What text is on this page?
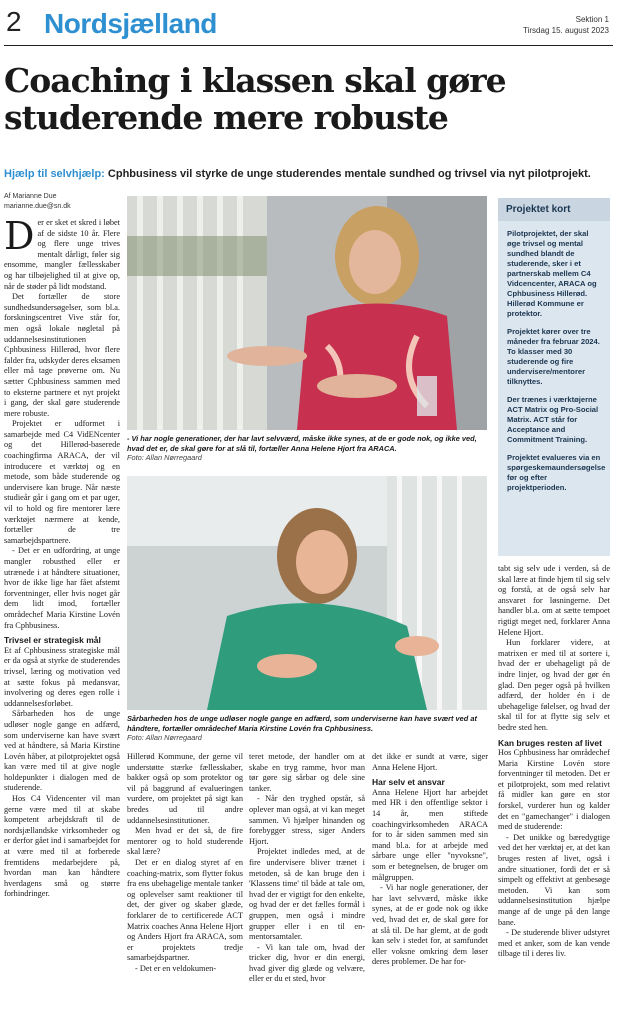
2 Nordsjælland	Sektion 1
Tirsdag 15. august 2023
Coaching i klassen skal gøre studerende mere robuste
Hjælp til selvhjælp: Cphbusiness vil styrke de unge studerendes mentale sundhed og trivsel via nyt pilotprojekt.
Af Marianne Due
marianne.due@sn.dk
D er er sket et skred i løbet af de sidste 10 år. Flere og flere unge trives mentalt dårligt, føler sig ensomme, mangler fællesskaber og har tilbøjelighed til at give op, når de støder på lidt modstand.

Det fortæller de store sundhedsundersøgelser, som bl.a. forskningscentret Vive står for, men også lokale nøgletal på uddannelsesinstitutionen Cphbusiness Hillerød, hvor flere falder fra, udskyder deres eksamen eller må tage prøverne om. Nu sætter Cphbusiness sammen med to eksterne partnere et nyt projekt i gang, der skal gøre studerende mere robuste.

Projektet er udformet i samarbejde med C4 VidENcenter og det Hillerød-baserede coachingfirma ARACA, der vil introducere et værktøj og en metode, som både studerende og undervisere kan bruge. Når næste studieår går i gang om et par uger, vil to hold og fire mentorer lære værktøjet nærmere at kende, fortæller de tre samarbejdspartnere.

- Det er en udfordring, at unge mangler robusthed eller er utrænede i at håndtere situationer, hvor de ikke lige har fået afstemt forventninger, eller hvis noget går dem lidt imod, fortæller områdechef Maria Kirstine Lovén fra Cphbusiness.

Trivsel er strategisk mål

Et af Cphbusiness strategiske mål er da også at styrke de studerendes trivsel, læring og motivation ved at sætte fokus på medansvar, involvering og deres egen rolle i uddannelsesforløbet.

Sårbarheden hos de unge udløser nogle gange en adfærd, som underviserne kan have svært ved at håndtere, så Maria Kirstine Lovén håber, at pilotprojektet også kan være med til at give nogle holdepunkter i dialogen med de studerende.

Hos C4 Videncenter vil man gerne være med til at skabe kompetent arbejdskraft til de nordsjællandske virksomheder og er derfor gået ind i samarbejdet for at være med til at forberede fremtidens medarbejdere på, hvordan man kan håndtere hverdagens små og større forhindringer.

- Vi har nogle generationer, der har lavt selvværd, måske ikke synes, at de er gode nok, og ikke ved, hvad det er, de skal gøre for at slå til, fortæller Anna Helene Hjort fra ARACA.
Foto: Allan Nørregaard
Sårbarheden hos de unge udløser nogle gange en adfærd, som underviserne kan have svært ved at håndtere, fortæller områdechef Maria Kirstine Lovén fra Cphbusiness.
Foto: Allan Nørregaard

Hillerød Kommune, der gerne vil understøtte stærke fællesskaber, bakker også op som protektor og vil på baggrund af evalueringen vurdere, om projektet på sigt kan bredes ud til andre uddannelsesinstitutioner.

Men hvad er det så, de fire mentorer og to hold studerende skal lære?

Det er en dialog styret af en coaching-matrix, som flytter fokus fra ens ubehagelige mentale tanker og oplevelser samt reaktioner til det, der giver og skaber glæde, forklarer de to certificerede ACT Matrix coaches Anna Helene Hjort og Anders Hjort fra ARACA, som er projektets tredje samarbejdspartner.

- Det er en veldokumen-

teret metode, der handler om at skabe en tryg ramme, hvor man tør gøre sig sårbar og dele sine tanker.

- Når den tryghed opstår, så oplever man også, at vi kan meget sammen. Vi hjælper hinanden og forebygger stress, siger Anders Hjort.

Projektet indledes med, at de fire undervisere bliver trænet i metoden, så de kan bruge den i 'Klassens time' til både at tale om, hvad der er vigtigt for den enkelte, og hvad der er det fælles formål i gruppen, men også i mindre grupper eller i en til en-mentorsamtaler.

- Vi kan tale om, hvad der tricker dig, hvor er din energi, hvad giver dig glæde og velvære, eller er du et sted, hvor

det ikke er sundt at være, siger Anna Helene Hjort.

Har selv et ansvar

Anna Helene Hjort har arbejdet med HR i den offentlige sektor i 14 år, men stiftede coachingvirksomheden ARACA for to år siden sammen med sin mand bl.a. for at arbejde med sårbare unge eller "nyvoksne", som er betegnelsen, de bruger om målgruppen.

- Vi har nogle generationer, der har lavt selvværd, måske ikke synes, at de er gode nok og ikke ved, hvad det er, de skal gøre for at slå til. De har glemt, at de godt kan selv i stedet for, at samfundet eller voksne omkring dem løser deres problemer. De har for-

Projektet kort

Pilotprojektet, der skal øge trivsel og mental sundhed blandt de studerende, sker i et partnerskab mellem C4 Vidcencenter, ARACA og Cphbusiness Hillerød. Hillerød Kommune er protektor.

Projektet kører over tre måneder fra februar 2024. To klasser med 30 studerende og fire undervisere/mentorer tilknyttes.

Der trænes i værktøjerne ACT Matrix og Pro-Social Matrix. ACT står for Acceptance and Commitment Training.

Projektet evalueres via en spørgeskemaundersøgelse før og efter projektperioden.

tabt sig selv ude i verden, så de skal lære at finde hjem til sig selv og forstå, at de også selv har ansvaret for løsningerne. Det handler bl.a. om at sætte tempoet rigtigt meget ned, forklarer Anna Helene Hjort.

Hun forklarer videre, at matrixen er med til at sortere i, hvad der er ubehageligt på de indre linjer, og hvad der gør én glad. Den peger også på hvilken adfærd, der holder én i de ubehagelige følelser, og hvad der skal til for at flytte sig selv et bedre sted hen.

Kan bruges resten af livet

Hos Cphbusiness har områdechef Maria Kirstine Lovén store forventninger til metoden. Det er et pilotprojekt, som med relativt få midler kan gøre en stor forskel, vurderer hun og kalder det en "gamechanger" i dialogen med de studerende:

- Det unikke og bæredygtige ved det her værktøj er, at det kan bruges resten af livet, også i andre situationer, fordi det er så simpelt og effektivt at genbesøge metoden. Vi kan som uddannelsesinstitution hjælpe mange af de unge på den lange bane.

- De studerende bliver udstyret med et anker, som de kan vende tilbage til i deres liv.
